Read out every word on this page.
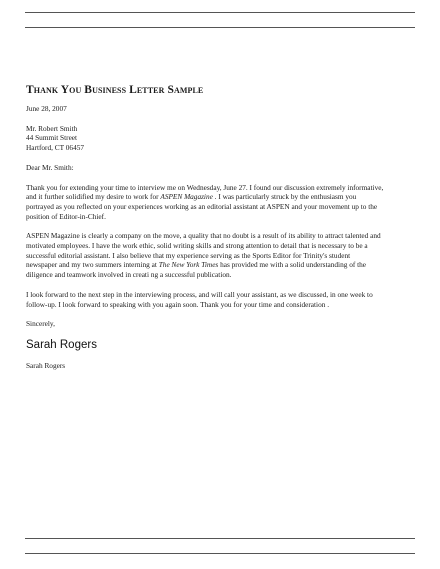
Thank You Business Letter Sample
June 28, 2007
Mr. Robert Smith
44 Summit Street
Hartford, CT 06457
Dear Mr. Smith:
Thank you for extending your time to interview me on Wednesday, June 27. I found our discussion extremely informative,
and it further solidified my desire to work for ASPEN Magazine . I was particularly struck by the enthusiasm you
portrayed as you reflected on your experiences working as an editorial assistant at ASPEN and your movement up to the
position of Editor-in-Chief.
ASPEN Magazine is clearly a company on the move, a quality that no doubt is a result of its ability to attract talented and
motivated employees. I have the work ethic, solid writing skills and strong attention to detail that is necessary to be a
successful editorial assistant. I also believe that my experience serving as the Sports Editor for Trinity's student
newspaper and my two summers interning at The New York Times has provided me with a solid understanding of the
diligence and teamwork involved in creati ng a successful publication.
I look forward to the next step in the interviewing process, and will call your assistant, as we discussed, in one week to
follow-up. I look forward to speaking with you again soon. Thank you for your time and consideration .
Sincerely,
Sarah Rogers
Sarah Rogers
